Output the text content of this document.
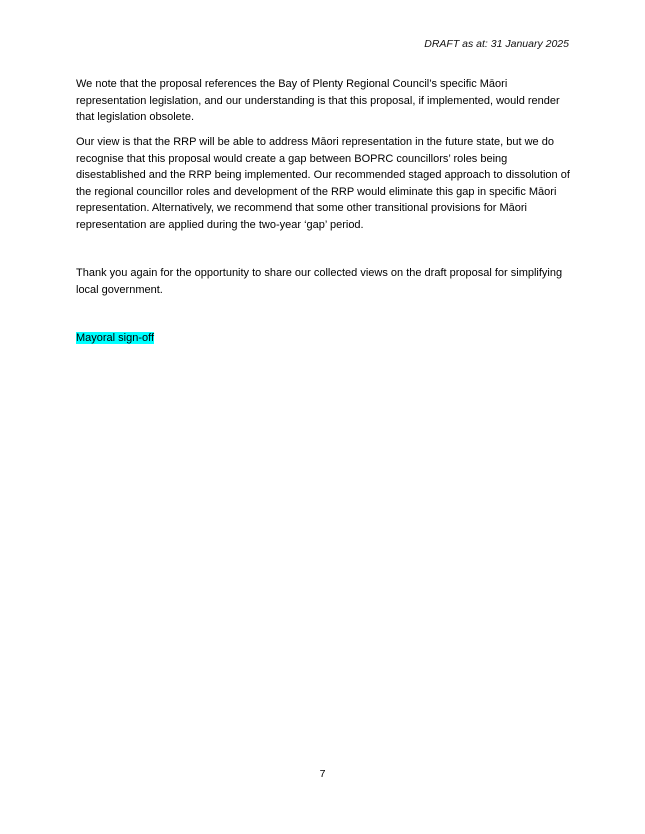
DRAFT as at: 31 January 2025

We note that the proposal references the Bay of Plenty Regional Council’s specific Māori representation legislation, and our understanding is that this proposal, if implemented, would render that legislation obsolete.

Our view is that the RRP will be able to address Māori representation in the future state, but we do recognise that this proposal would create a gap between BOPRC councillors’ roles being disestablished and the RRP being implemented. Our recommended staged approach to dissolution of the regional councillor roles and development of the RRP would eliminate this gap in specific Māori representation. Alternatively, we recommend that some other transitional provisions for Māori representation are applied during the two-year ‘gap’ period.

Thank you again for the opportunity to share our collected views on the draft proposal for simplifying local government.

Mayoral sign-off
7
